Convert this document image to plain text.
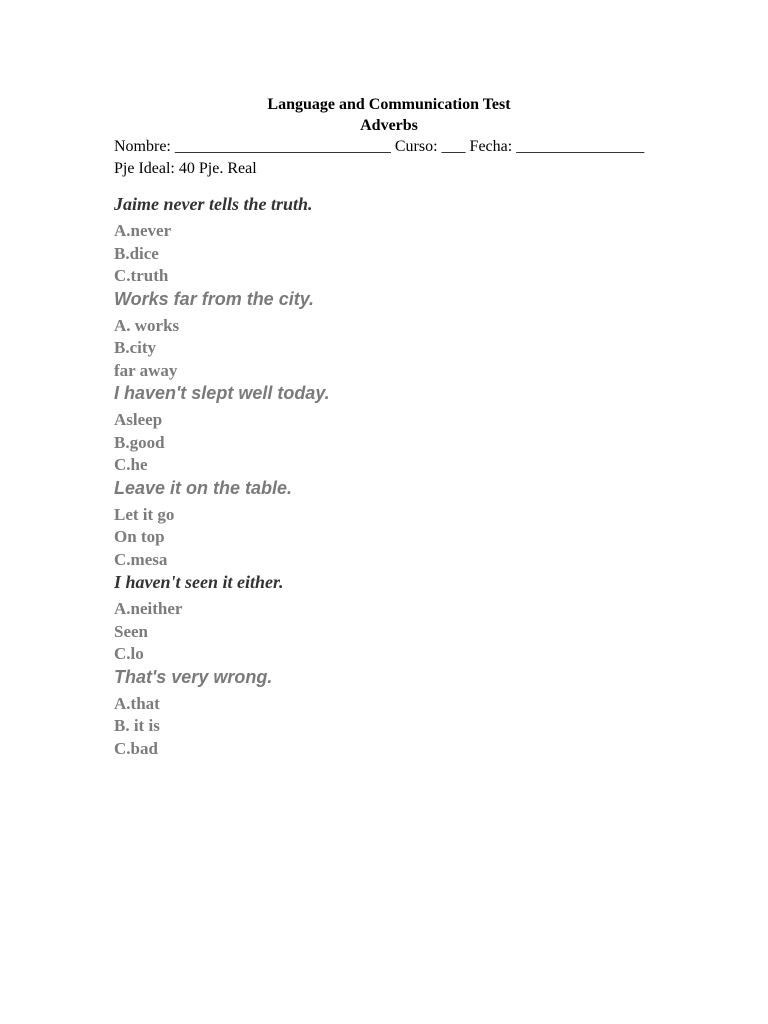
Language and Communication Test
Adverbs
Nombre: ___________________________ Curso: ___ Fecha: ________________
Pje Ideal: 40 Pje. Real
Jaime never tells the truth.
A.never
B.dice
C.truth
Works far from the city.
A. works
B.city
far away
I haven't slept well today.
Asleep
B.good
C.he
Leave it on the table.
Let it go
On top
C.mesa
I haven't seen it either.
A.neither
Seen
C.lo
That's very wrong.
A.that
B. it is
C.bad
